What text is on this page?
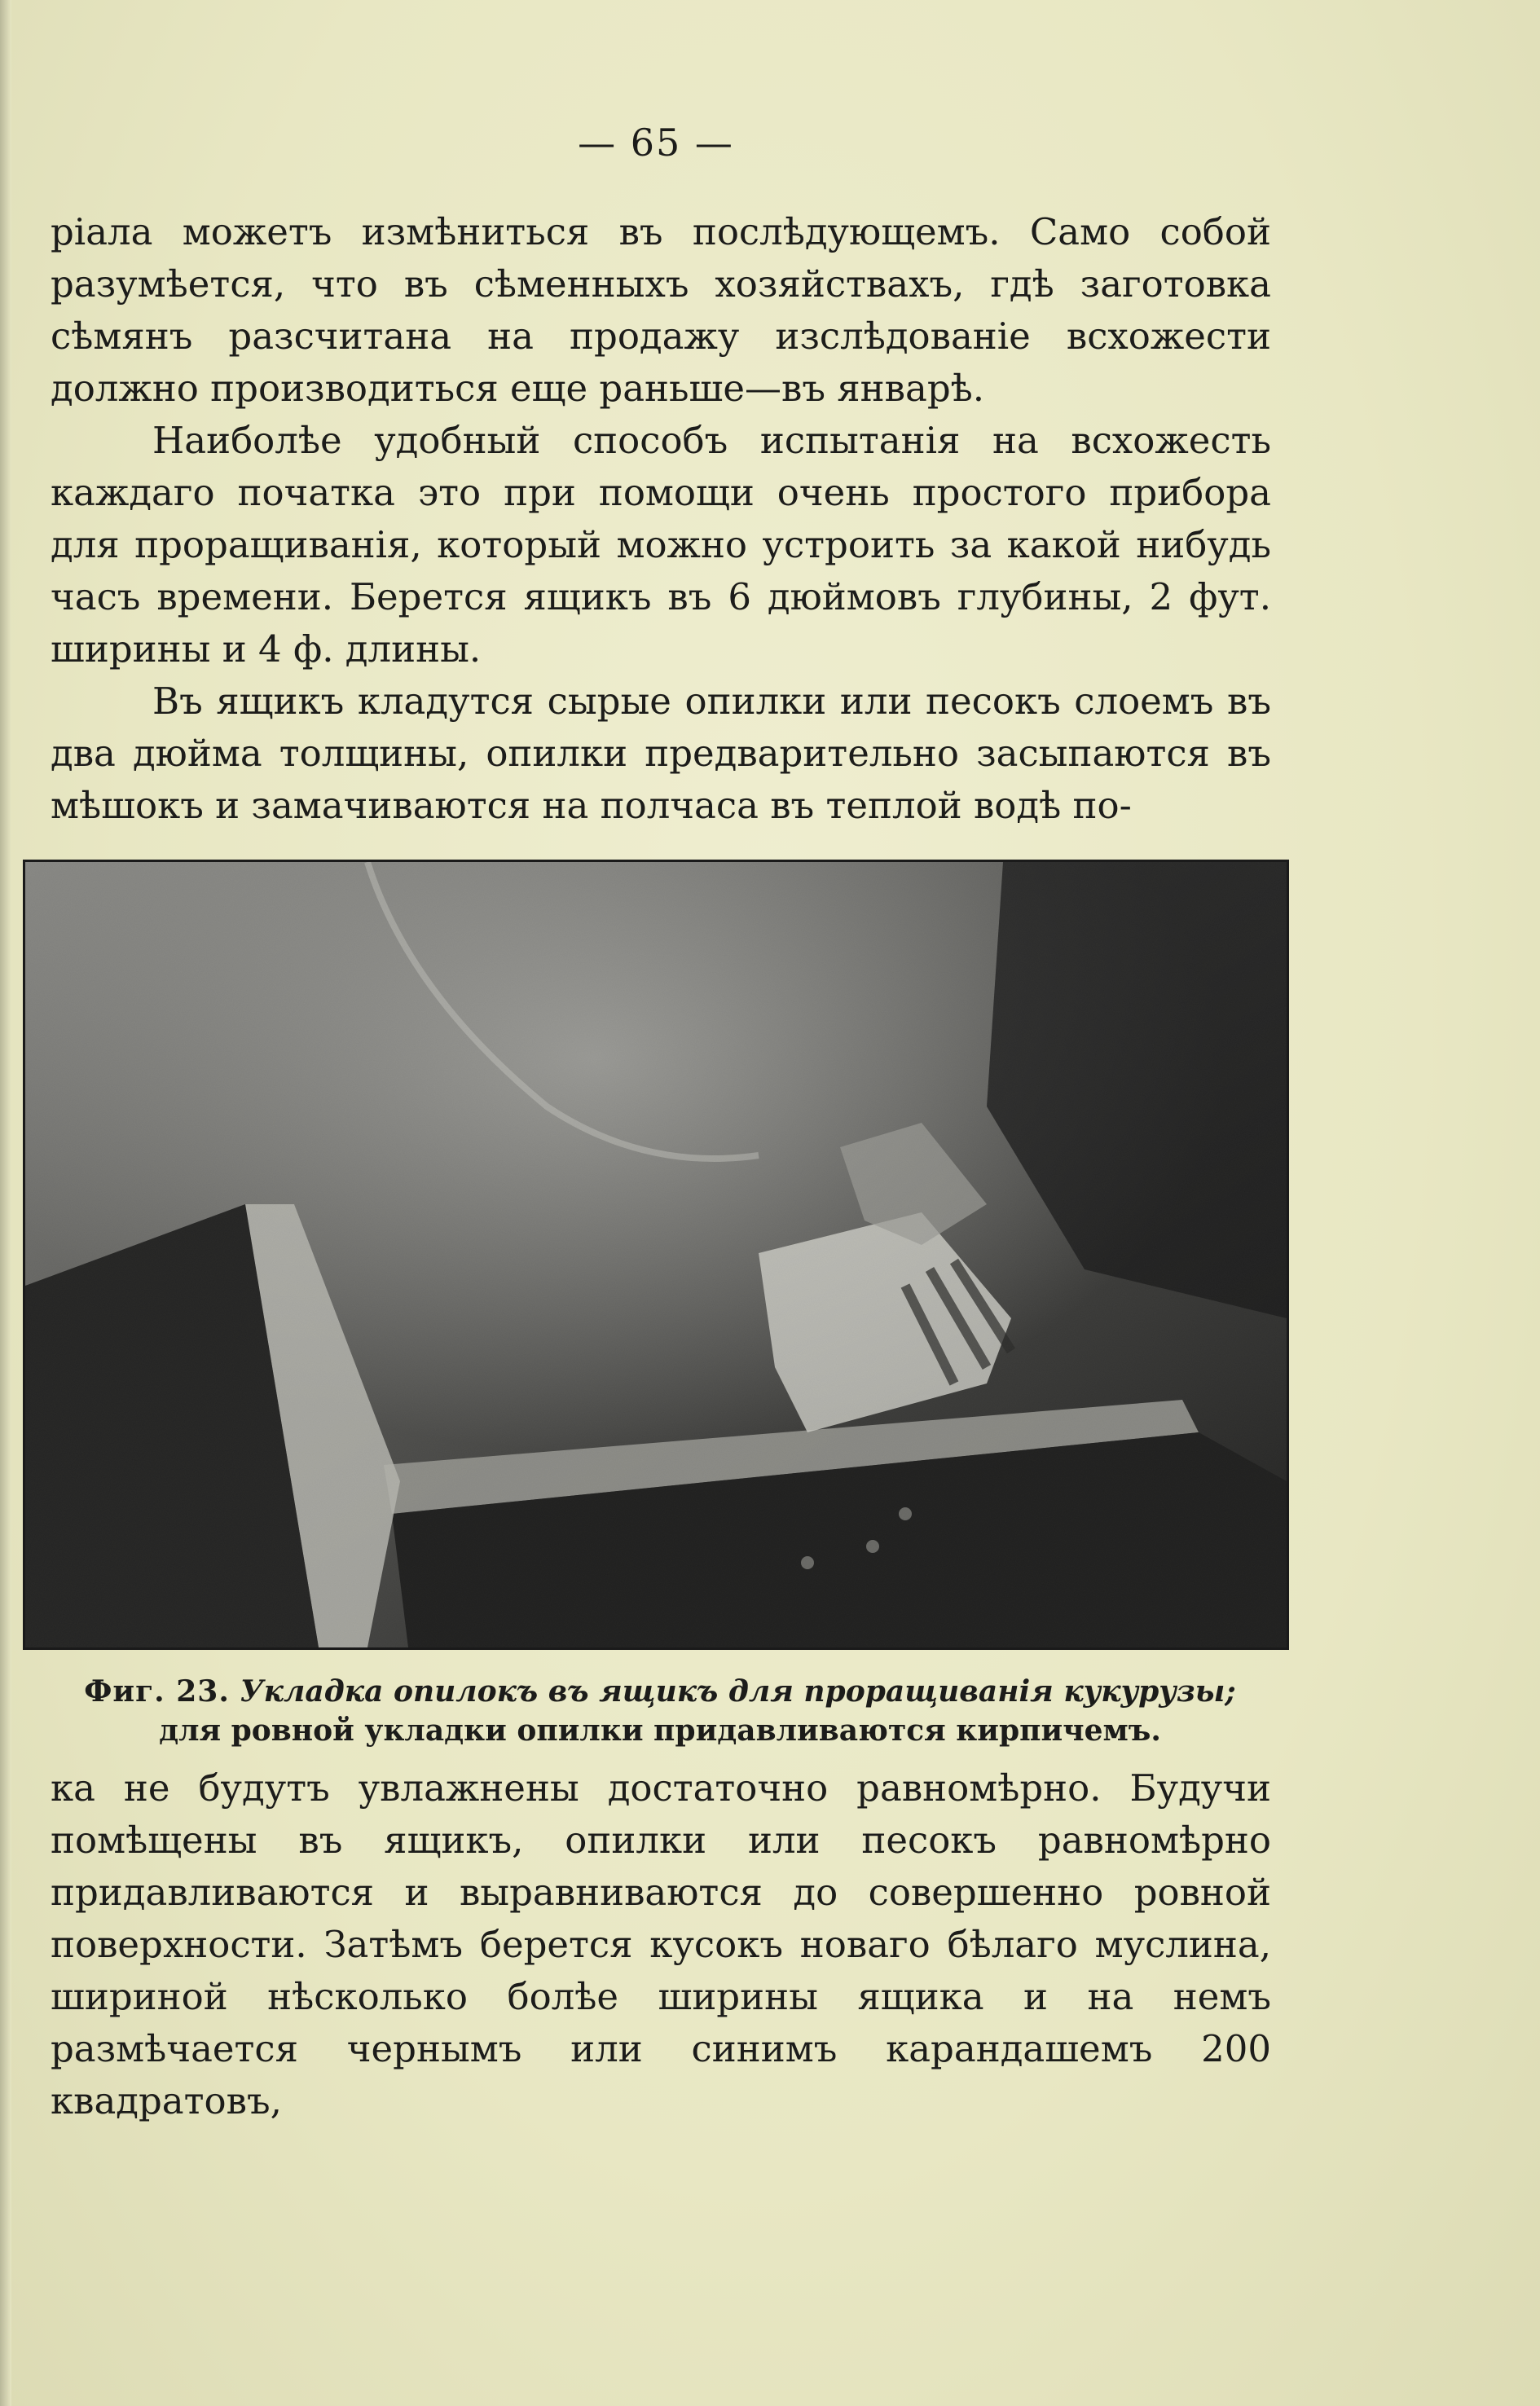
— 65 —

ріала можетъ измѣниться въ послѣдующемъ. Само собой разумѣется, что въ сѣменныхъ хозяйствахъ, гдѣ заготовка сѣмянъ разсчитана на продажу изслѣдованіе всхожести должно производиться еще раньше—въ январѣ.

Наиболѣе удобный способъ испытанія на всхожесть каждаго початка это при помощи очень простого прибора для проращиванія, который можно устроить за какой нибудь часъ времени. Берется ящикъ въ 6 дюймовъ глубины, 2 фут. ширины и 4 ф. длины.

Въ ящикъ кладутся сырые опилки или песокъ слоемъ въ два дюйма толщины, опилки предварительно засыпаются въ мѣшокъ и замачиваются на полчаса въ теплой водѣ по-

Фиг. 23. Укладка опилокъ въ ящикъ для проращиванія кукурузы; для ровной укладки опилки придавливаются кирпичемъ.

ка не будутъ увлажнены достаточно равномѣрно. Будучи помѣщены въ ящикъ, опилки или песокъ равномѣрно придавливаются и выравниваются до совершенно ровной поверхности. Затѣмъ берется кусокъ новаго бѣлаго муслина, шириной нѣсколько болѣе ширины ящика и на немъ размѣчается чернымъ или синимъ карандашемъ 200 квадратовъ,
